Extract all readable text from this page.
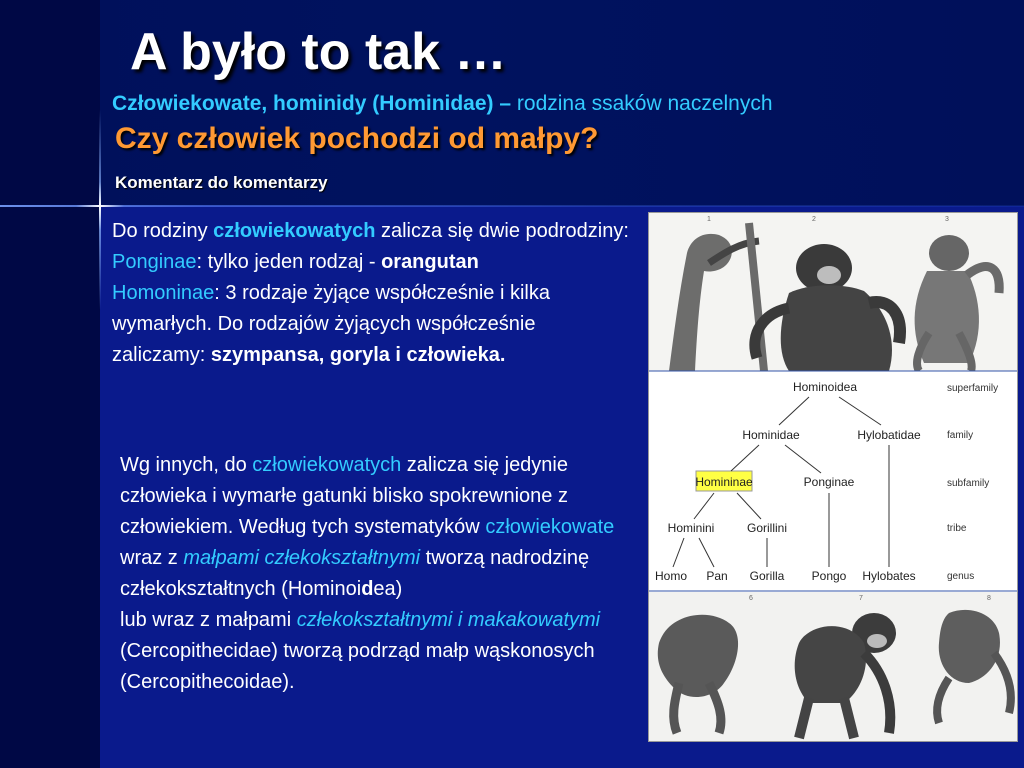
A było to tak …
Człowiekowate, hominidy (Hominidae) – rodzina ssaków naczelnych
Czy człowiek pochodzi od małpy?
Komentarz do komentarzy
Do rodziny człowiekowatych zalicza się dwie podrodziny:
Ponginae: tylko jeden rodzaj - orangutan
Homoninae: 3 rodzaje żyjące współcześnie i kilka wymarłych. Do rodzajów żyjących współcześnie zaliczamy: szympansa, goryla i człowieka.
Wg innych, do człowiekowatych zalicza się jedynie człowieka i wymarłe gatunki blisko spokrewnione z człowiekiem. Według tych systematyków człowiekowate wraz z małpami człekokształtnymi tworzą nadrodzinę człekokształtnych (Hominoidea)
lub wraz z małpami człekokształtnymi i makakowatymi (Cercopithecidae) tworzą podrząd małp wąskonosych (Cercopithecoidae).
1	2	3
Hominoidea
Hominidae	Hylobatidae
Homininae	Ponginae
Hominini	Gorillini
Homo Pan Gorilla Pongo Hylobates
superfamily
family
subfamily
tribe
genus
6	7	8
